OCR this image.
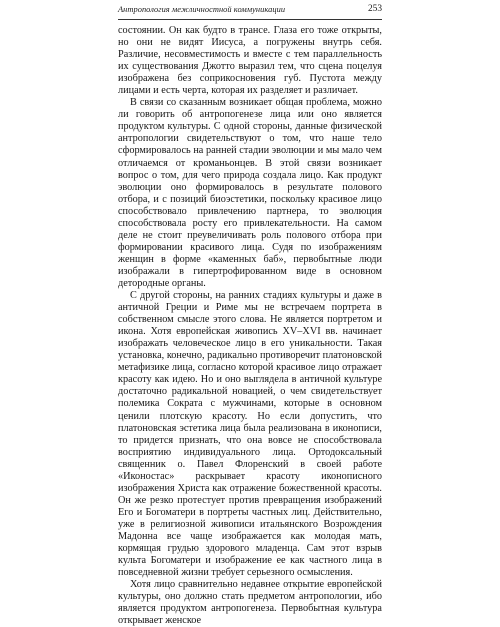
Антропология межличностной коммуникации	253

состоянии. Он как будто в трансе. Глаза его тоже открыты, но они не видят Иисуса, а погружены внутрь себя. Различие, несовместимость и вместе с тем параллельность их существования Джотто выразил тем, что сцена поцелуя изображена без соприкосновения губ. Пустота между лицами и есть черта, которая их разделяет и различает.

В связи со сказанным возникает общая проблема, можно ли говорить об антропогенезе лица или оно является продуктом культуры. С одной стороны, данные физической антропологии свидетельствуют о том, что наше тело сформировалось на ранней стадии эволюции и мы мало чем отличаемся от кроманьонцев. В этой связи возникает вопрос о том, для чего природа создала лицо. Как продукт эволюции оно формировалось в результате полового отбора, и с позиций биоэстетики, поскольку красивое лицо способствовало привлечению партнера, то эволюция способствовала росту его привлекательности. На самом деле не стоит преувеличивать роль полового отбора при формировании красивого лица. Судя по изображениям женщин в форме «каменных баб», первобытные люди изображали в гипертрофированном виде в основном детородные органы.

С другой стороны, на ранних стадиях культуры и даже в античной Греции и Риме мы не встречаем портрета в собственном смысле этого слова. Не является портретом и икона. Хотя европейская живопись XV–XVI вв. начинает изображать человеческое лицо в его уникальности. Такая установка, конечно, радикально противоречит платоновской метафизике лица, согласно которой красивое лицо отражает красоту как идею. Но и оно выглядела в античной культуре достаточно радикальной новацией, о чем свидетельствует полемика Сократа с мужчинами, которые в основном ценили плотскую красоту. Но если допустить, что платоновская эстетика лица была реализована в иконописи, то придется признать, что она вовсе не способствовала восприятию индивидуального лица. Ортодоксальный священник о. Павел Флоренский в своей работе «Иконостас» раскрывает красоту иконописного изображения Христа как отражение божественной красоты. Он же резко протестует против превращения изображений Его и Богоматери в портреты частных лиц. Действительно, уже в религиозной живописи итальянского Возрождения Мадонна все чаще изображается как молодая мать, кормящая грудью здорового младенца. Сам этот взрыв культа Богоматери и изображение ее как частного лица в повседневной жизни требует серьезного осмысления.

Хотя лицо сравнительно недавнее открытие европейской культуры, оно должно стать предметом антропологии, ибо является продуктом антропогенеза. Первобытная культура открывает женское
